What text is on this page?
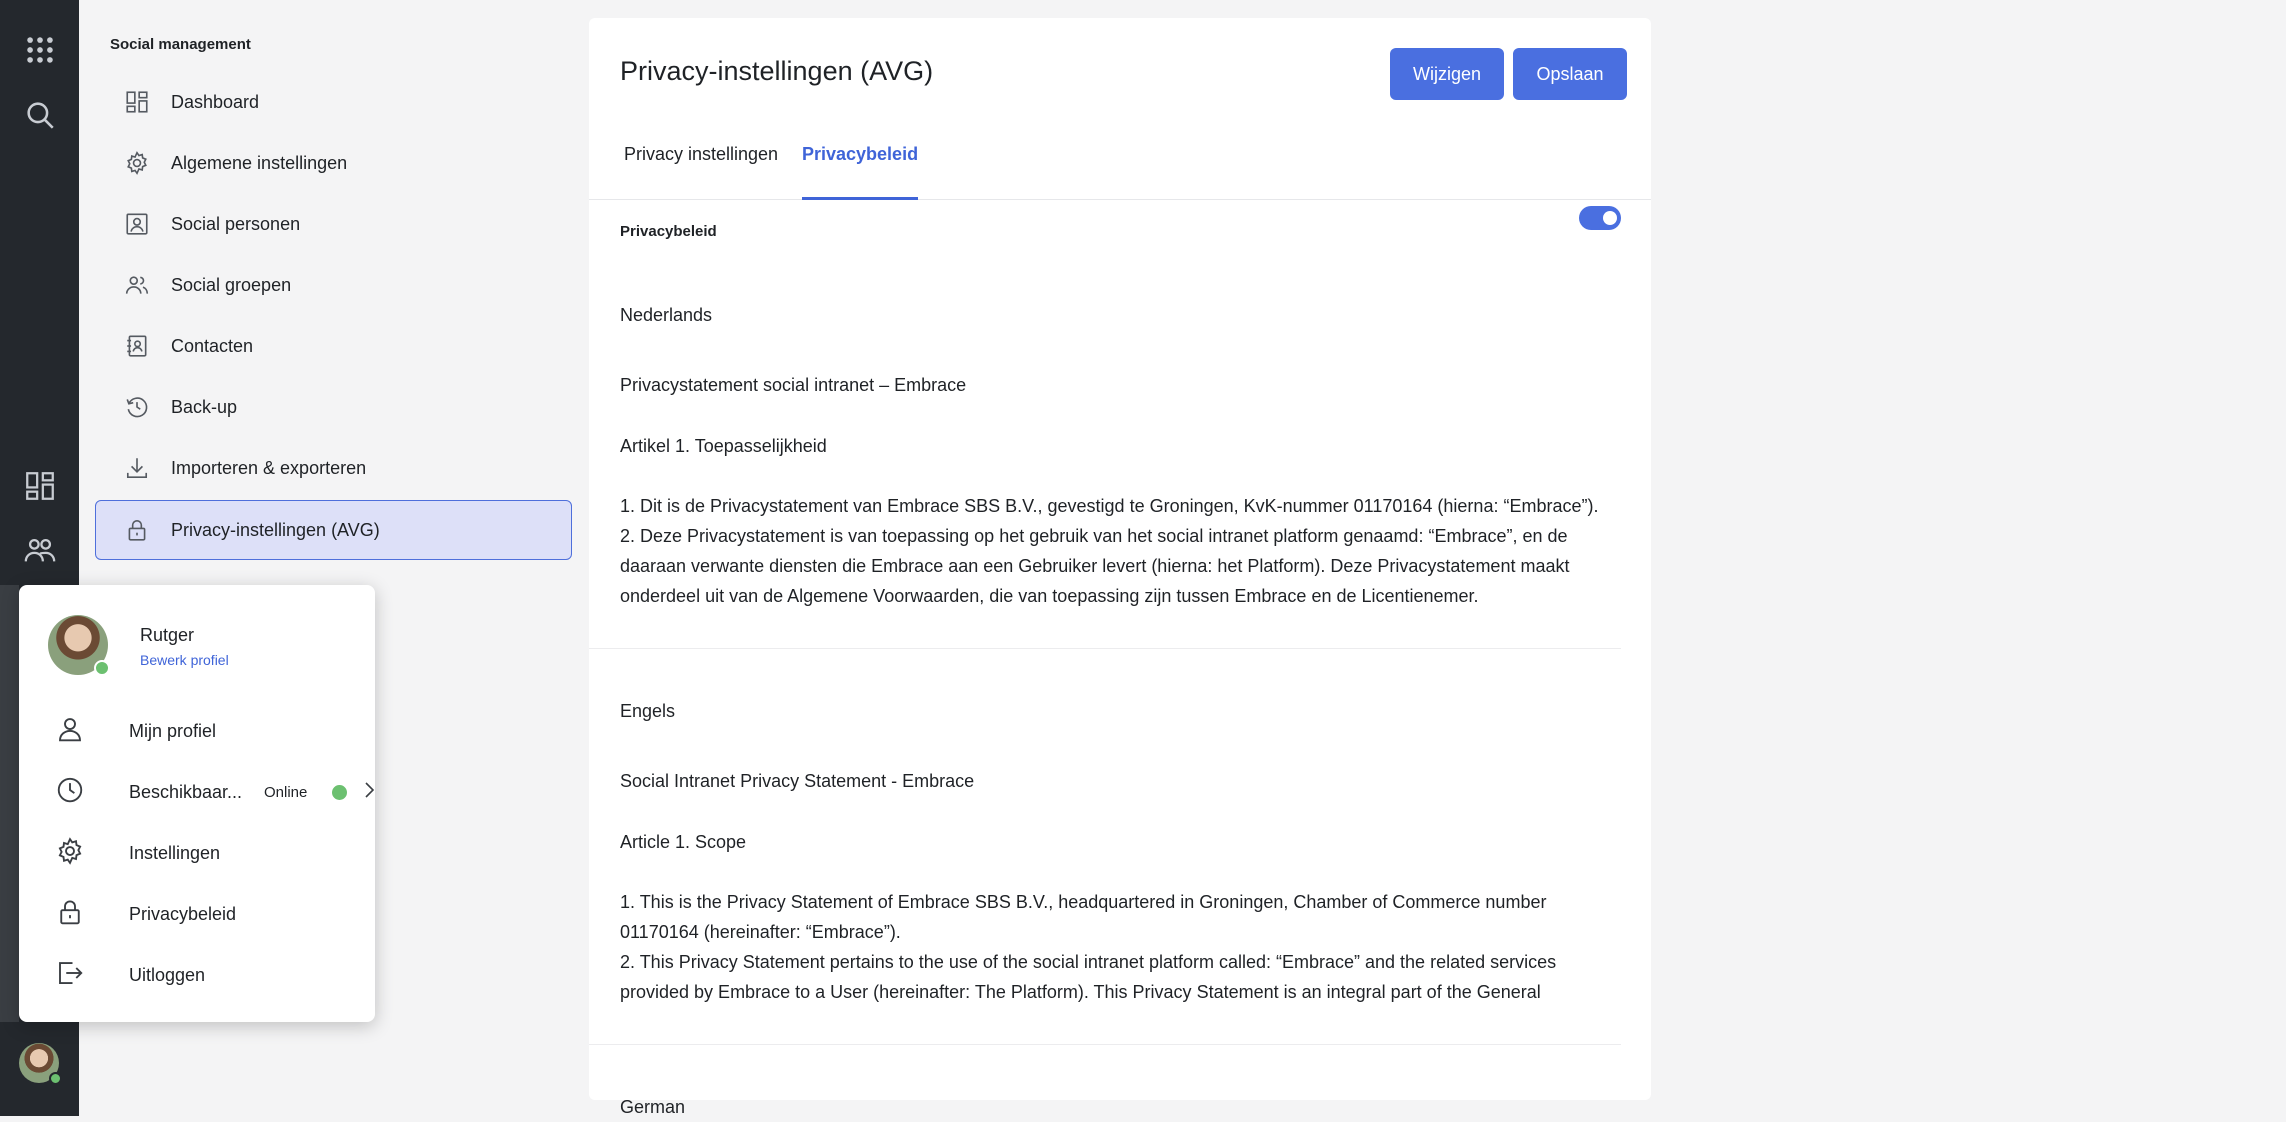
Social management
Dashboard
Algemene instellingen
Social personen
Social groepen
Contacten
Back-up
Importeren & exporteren
Privacy-instellingen (AVG)
Privacy-instellingen (AVG)	Wijzigen	Opslaan
Privacy instellingen Privacybeleid
Privacybeleid
Nederlands
Privacystatement social intranet – Embrace
Artikel 1. Toepasselijkheid
1. Dit is de Privacystatement van Embrace SBS B.V., gevestigd te Groningen, KvK-nummer 01170164 (hierna: “Embrace”).
2. Deze Privacystatement is van toepassing op het gebruik van het social intranet platform genaamd: “Embrace”, en de daaraan verwante diensten die Embrace aan een Gebruiker levert (hierna: het Platform). Deze Privacystatement maakt onderdeel uit van de Algemene Voorwaarden, die van toepassing zijn tussen Embrace en de Licentienemer.
Engels
Social Intranet Privacy Statement - Embrace
Article 1. Scope
1. This is the Privacy Statement of Embrace SBS B.V., headquartered in Groningen, Chamber of Commerce number 01170164 (hereinafter: “Embrace”).
2. This Privacy Statement pertains to the use of the social intranet platform called: “Embrace” and the related services provided by Embrace to a User (hereinafter: The Platform). This Privacy Statement is an integral part of the General
German
Rutger
Bewerk profiel
Mijn profiel
Beschikbaar... Online
Instellingen
Privacybeleid
Uitloggen
